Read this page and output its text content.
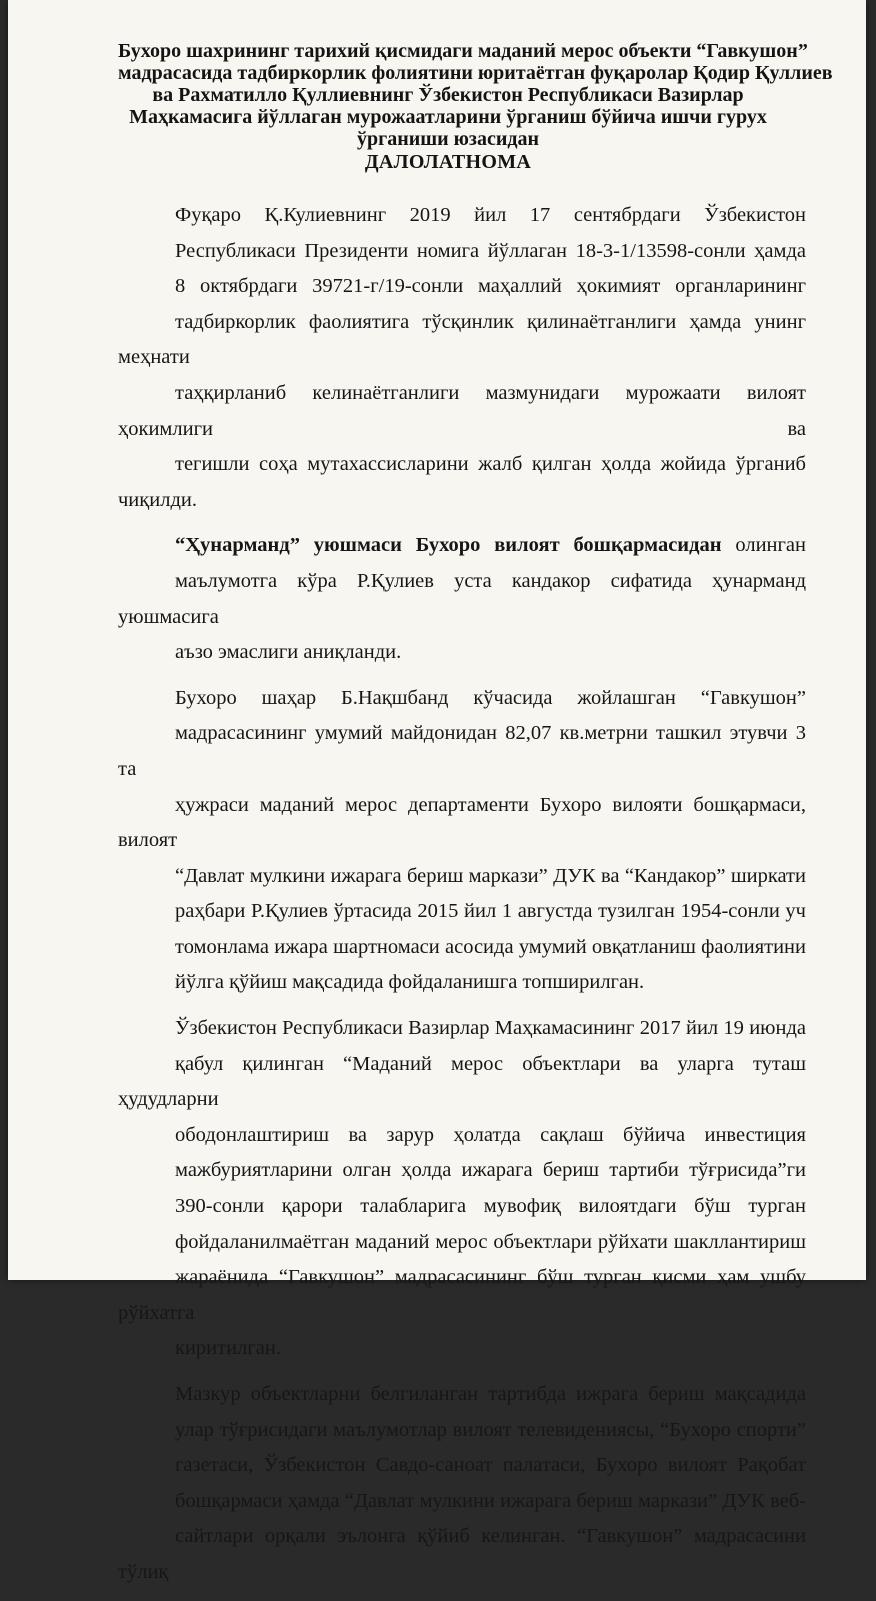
Бухоро шахрининг тарихий қисмидаги маданий мерос объекти “Гавкушон”
мадрасасида тадбиркорлик фолиятини юритаётган фуқаролар Қодир Қуллиев
ва Рахматилло Қуллиевнинг Ўзбекистон Республикаси Вазирлар
Маҳкамасига йўллаган мурожаатларини ўрганиш бўйича ишчи гурух
ўрганиши юзасидан
ДАЛОЛАТНОМА
Фуқаро Қ.Кулиевнинг 2019 йил 17 сентябрдаги Ўзбекистон
Республикаси Президенти номига йўллаган 18-3-1/13598-сонли ҳамда
8 октябрдаги 39721-г/19-сонли маҳаллий ҳокимият органларининг
тадбиркорлик фаолиятига тўсқинлик қилинаётганлиги ҳамда унинг меҳнати
таҳқирланиб келинаётганлиги мазмунидаги мурожаати вилоят ҳокимлиги ва
тегишли соҳа мутахассисларини жалб қилган ҳолда жойида ўрганиб чиқилди.
“Ҳунарманд” уюшмаси Бухоро вилоят бошқармасидан олинган
маълумотга кўра Р.Қулиев уста кандакор сифатида ҳунарманд уюшмасига
аъзо эмаслиги аниқланди.
Бухоро шаҳар Б.Нақшбанд кўчасида жойлашган “Гавкушон”
мадрасасининг умумий майдонидан 82,07 кв.метрни ташкил этувчи 3 та
ҳужраси маданий мерос департаменти Бухоро вилояти бошқармаси, вилоят
“Давлат мулкини ижарага бериш маркази” ДУК ва “Кандакор” ширкати
раҳбари Р.Қулиев ўртасида 2015 йил 1 августда тузилган 1954-сонли уч
томонлама ижара шартномаси асосида умумий овқатланиш фаолиятини
йўлга қўйиш мақсадида фойдаланишга топширилган.
Ўзбекистон Республикаси Вазирлар Маҳкамасининг 2017 йил 19 июнда
қабул қилинган “Маданий мерос объектлари ва уларга туташ ҳудудларни
ободонлаштириш ва зарур ҳолатда сақлаш бўйича инвестиция
мажбуриятларини олган ҳолда ижарага бериш тартиби тўғрисида”ги
390-сонли қарори талабларига мувофиқ вилоятдаги бўш турган
фойдаланилмаётган маданий мерос объектлари рўйхати шакллантириш
жараёнида “Гавкушон” мадрасасининг бўш турган қисми ҳам ушбу рўйхатга
киритилган.
Мазкур объектларни белгиланган тартибда ижрага бериш мақсадида
улар тўғрисидаги маълумотлар вилоят телевидениясы, “Бухоро спорти”
газетаси, Ўзбекистон Савдо-саноат палатаси, Бухоро вилоят Рақобат
бошқармаси ҳамда “Давлат мулкини ижарага бериш маркази” ДУК веб-
сайтлари орқали эълонга қўйиб келинган. “Гавкушон” мадрасасини тўлиқ
